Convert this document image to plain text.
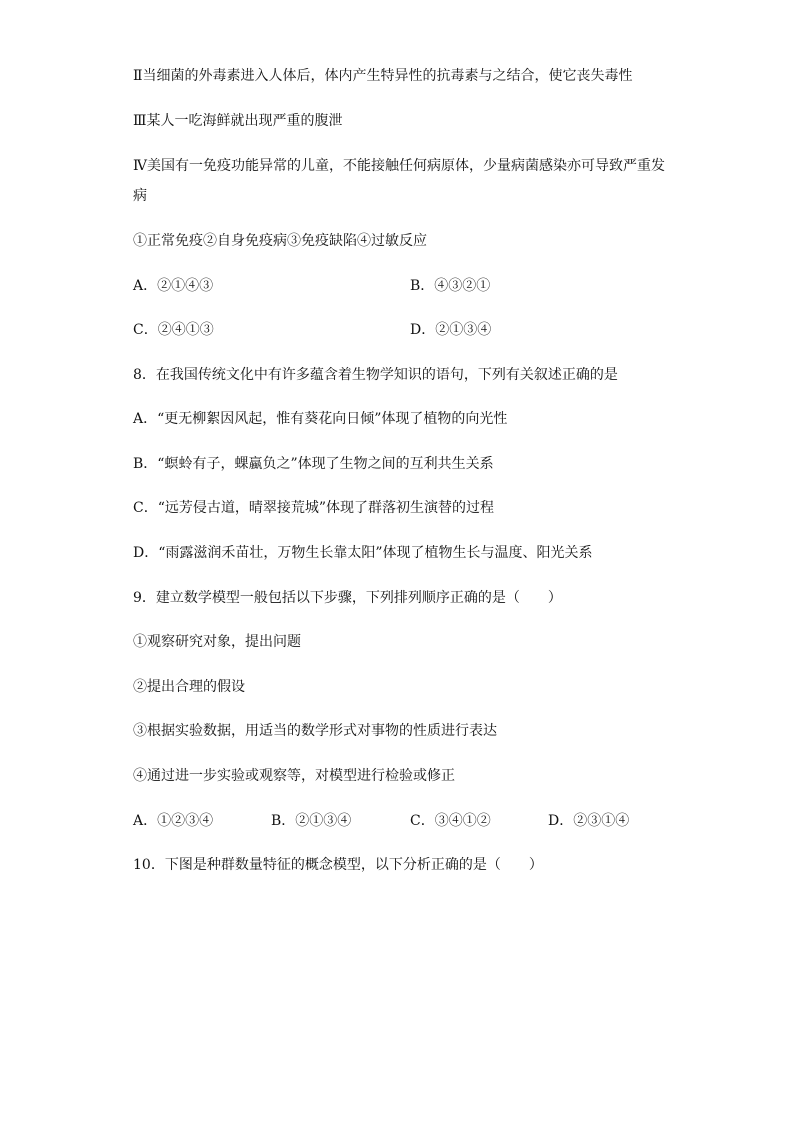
Ⅱ当细菌的外毒素进入人体后，体内产生特异性的抗毒素与之结合，使它丧失毒性
Ⅲ某人一吃海鲜就出现严重的腹泄
Ⅳ美国有一免疫功能异常的儿童，不能接触任何病原体，少量病菌感染亦可导致严重发
病
①正常免疫②自身免疫病③免疫缺陷④过敏反应
A．②①④③	B．④③②①
C．②④①③	D．②①③④
8．在我国传统文化中有许多蕴含着生物学知识的语句，下列有关叙述正确的是
A．“更无柳絮因风起，惟有葵花向日倾”体现了植物的向光性
B．“螟蛉有子，蜾蠃负之”体现了生物之间的互利共生关系
C．“远芳侵古道，晴翠接荒城”体现了群落初生演替的过程
D．“雨露滋润禾苗壮，万物生长靠太阳”体现了植物生长与温度、阳光关系
9．建立数学模型一般包括以下步骤，下列排列顺序正确的是（　　）
①观察研究对象，提出问题
②提出合理的假设
③根据实验数据，用适当的数学形式对事物的性质进行表达
④通过进一步实验或观察等，对模型进行检验或修正
A．①②③④	B．②①③④	C．③④①②	D．②③①④
10．下图是种群数量特征的概念模型，以下分析正确的是（　　）
